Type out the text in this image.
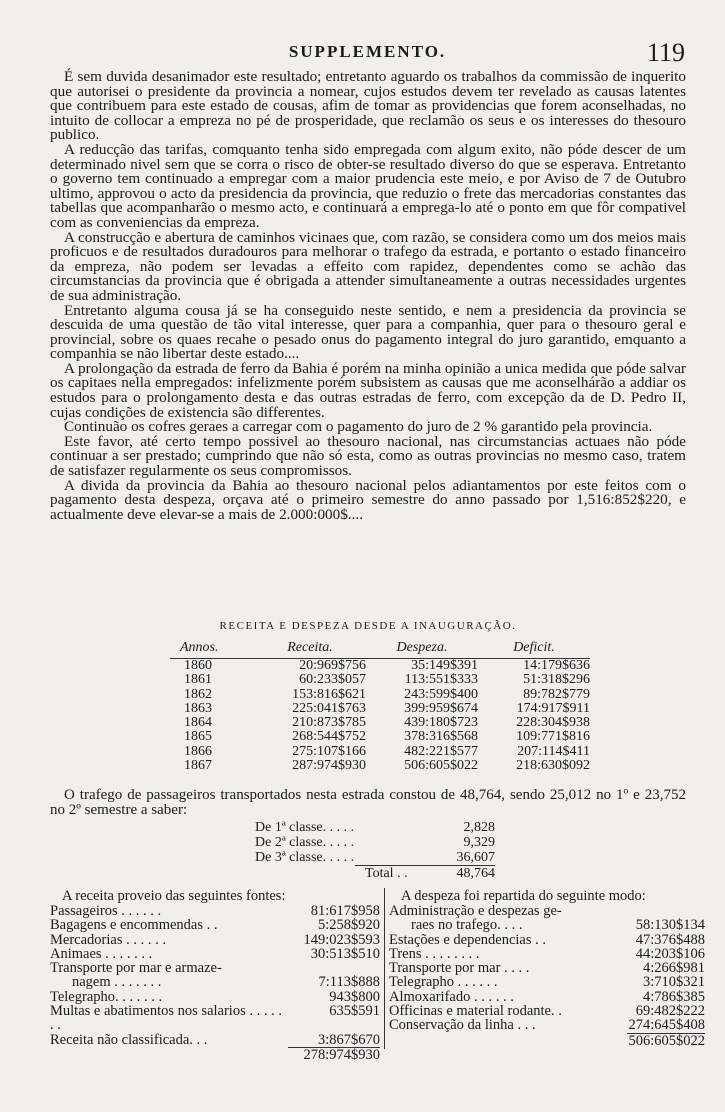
SUPPLEMENTO.	119

É sem duvida desanimador este resultado; entretanto aguardo os trabalhos da commissão de inquerito que autorisei o presidente da provincia a nomear, cujos estudos devem ter revelado as causas latentes que contribuem para este estado de cousas, afim de tomar as providencias que forem aconselhadas, no intuito de collocar a empreza no pé de prosperidade, que reclamão os seus e os interesses do thesouro publico.

A reducção das tarifas, comquanto tenha sido empregada com algum exito, não póde descer de um determinado nivel sem que se corra o risco de obter-se resultado diverso do que se esperava. Entretanto o governo tem continuado a empregar com a maior prudencia este meio, e por Aviso de 7 de Outubro ultimo, approvou o acto da presidencia da provincia, que reduzio o frete das mercadorias constantes das tabellas que acompanharão o mesmo acto, e continuará a emprega-lo até o ponto em que fôr compativel com as conveniencias da empreza.

A construcção e abertura de caminhos vicinaes que, com razão, se considera como um dos meios mais proficuos e de resultados duradouros para melhorar o trafego da estrada, e portanto o estado financeiro da empreza, não podem ser levadas a effeito com rapidez, dependentes como se achão das circumstancias da provincia que é obrigada a attender simultaneamente a outras necessidades urgentes de sua administração.

Entretanto alguma cousa já se ha conseguido neste sentido, e nem a presidencia da provincia se descuida de uma questão de tão vital interesse, quer para a companhia, quer para o thesouro geral e provincial, sobre os quaes recahe o pesado onus do pagamento integral do juro garantido, emquanto a companhia se não libertar deste estado....

A prolongação da estrada de ferro da Bahia é porém na minha opinião a unica medida que póde salvar os capitaes nella empregados: infelizmente porém subsistem as causas que me aconselhárão a addiar os estudos para o prolongamento desta e das outras estradas de ferro, com excepção da de D. Pedro II, cujas condições de existencia são differentes.

Continuão os cofres geraes a carregar com o pagamento do juro de 2 % garantido pela provincia.

Este favor, até certo tempo possivel ao thesouro nacional, nas circumstancias actuaes não póde continuar a ser prestado; cumprindo que não só esta, como as outras provincias no mesmo caso, tratem de satisfazer regularmente os seus compromissos.

A divida da provincia da Bahia ao thesouro nacional pelos adiantamentos por este feitos com o pagamento desta despeza, orçava até o primeiro semestre do anno passado por 1,516:852$220, e actualmente deve elevar-se a mais de 2.000:000$....

RECEITA E DESPEZA DESDE A INAUGURAÇÃO.
Annos.	Receita.	Despeza.	Deficit.
1860	20:969$756	35:149$391	14:179$636
1861	60:233$057	113:551$333	51:318$296
1862	153:816$621	243:599$400	89:782$779
1863	225:041$763	399:959$674	174:917$911
1864	210:873$785	439:180$723	228:304$938
1865	268:544$752	378:316$568	109:771$816
1866	275:107$166	482:221$577	207:114$411
1867	287:974$930	506:605$022	218:630$092

O trafego de passageiros transportados nesta estrada constou de 48,764, sendo 25,012 no 1º e 23,752 no 2º semestre a saber:

De 1ª classe. . . . .	2,828
De 2ª classe. . . . .	9,329
De 3ª classe. . . . .	36,607
Total . .	48,764
A receita proveio das seguintes fontes:
Passageiros . . . . . .	81:617$958
Bagagens e encommendas . .	5:258$920
Mercadorias . . . . . .	149:023$593
Animaes . . . . . . .	30:513$510
Transporte por mar e armaze-
nagem . . . . . . .	7:113$888
Telegrapho. . . . . . .	943$800
Multas e abatimentos nos salarios . . . . . . .
635$591
Receita não classificada. . .	3:867$670
278:974$930
A despeza foi repartida do seguinte modo:
Administração e despezas ge-
raes no trafego. . . .	58:130$134
Estações e dependencias . .	47:376$488
Trens . . . . . . . .	44:203$106
Transporte por mar . . . .	4:266$981
Telegrapho . . . . . .	3:710$321
Almoxarifado . . . . . .	4:786$385
Officinas e material rodante. .	69:482$222
Conservação da linha . . .	274:645$408
506:605$022
